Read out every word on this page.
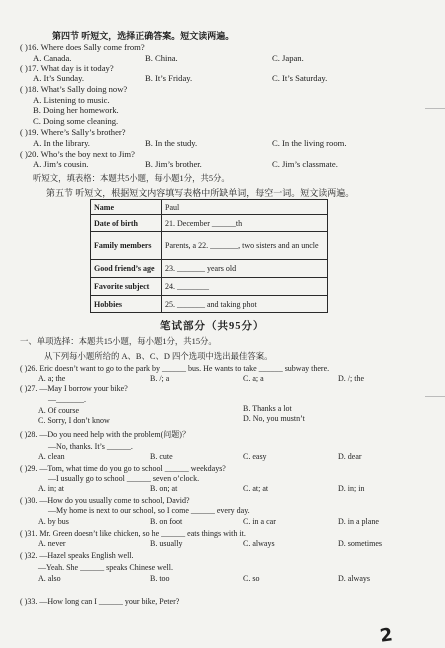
第四节 听短文，选择正确答案。短文读两遍。
( )16. Where does Sally come from?
A. Canada.	B. China.	C. Japan.
( )17. What day is it today?
A. It’s Sunday.	B. It’s Friday.	C. It’s Saturday.
( )18. What’s Sally doing now?
A. Listening to music.
B. Doing her homework.
C. Doing some cleaning.
( )19. Where’s Sally’s brother?
A. In the library.	B. In the study.	C. In the living room.
( )20. Who’s the boy next to Jim?
A. Jim’s cousin.	B. Jim’s brother.	C. Jim’s classmate.
听短文，填表格：本题共5小题，每小题1分，共5分。
第五节 听短文，根据短文内容填写表格中所缺单词，每空一词。短文读两遍。
Name	Paul
Date of birth	21. December ______th
Family members	Parents, a 22. _______, two sisters and an uncle
Good friend’s age	23. _______ years old
Favorite subject	24. ________
Hobbies	25. _______ and taking phot
笔试部分（共95分）
一、单项选择：本题共15小题，每小题1分，共15分。
从下列每小题所给的 A、B、C、D 四个选项中选出最佳答案。
( )26. Eric doesn’t want to go to the park by ______ bus. He wants to take ______ subway there.
A. a; the	B. /; a	C. a; a	D. /; the
( )27. —May I borrow your bike?
—_______.
A. Of course	B. Thanks a lot
C. Sorry, I don’t know	D. No, you mustn’t
( )28. —Do you need help with the problem(问题)？
—No, thanks. It’s ______.
A. clean	B. cute	C. easy	D. dear
( )29. —Tom, what time do you go to school ______ weekdays?
—I usually go to school ______ seven o’clock.
A. in; at	B. on; at	C. at; at	D. in; in
( )30. —How do you usually come to school, David?
—My home is next to our school, so I come ______ every day.
A. by bus	B. on foot	C. in a car	D. in a plane
( )31. Mr. Green doesn’t like chicken, so he ______ eats things with it.
A. never	B. usually	C. always	D. sometimes
( )32. —Hazel speaks English well.
—Yeah. She ______ speaks Chinese well.
A. also	B. too	C. so	D. always
( )33. —How long can I ______ your bike, Peter?
2
